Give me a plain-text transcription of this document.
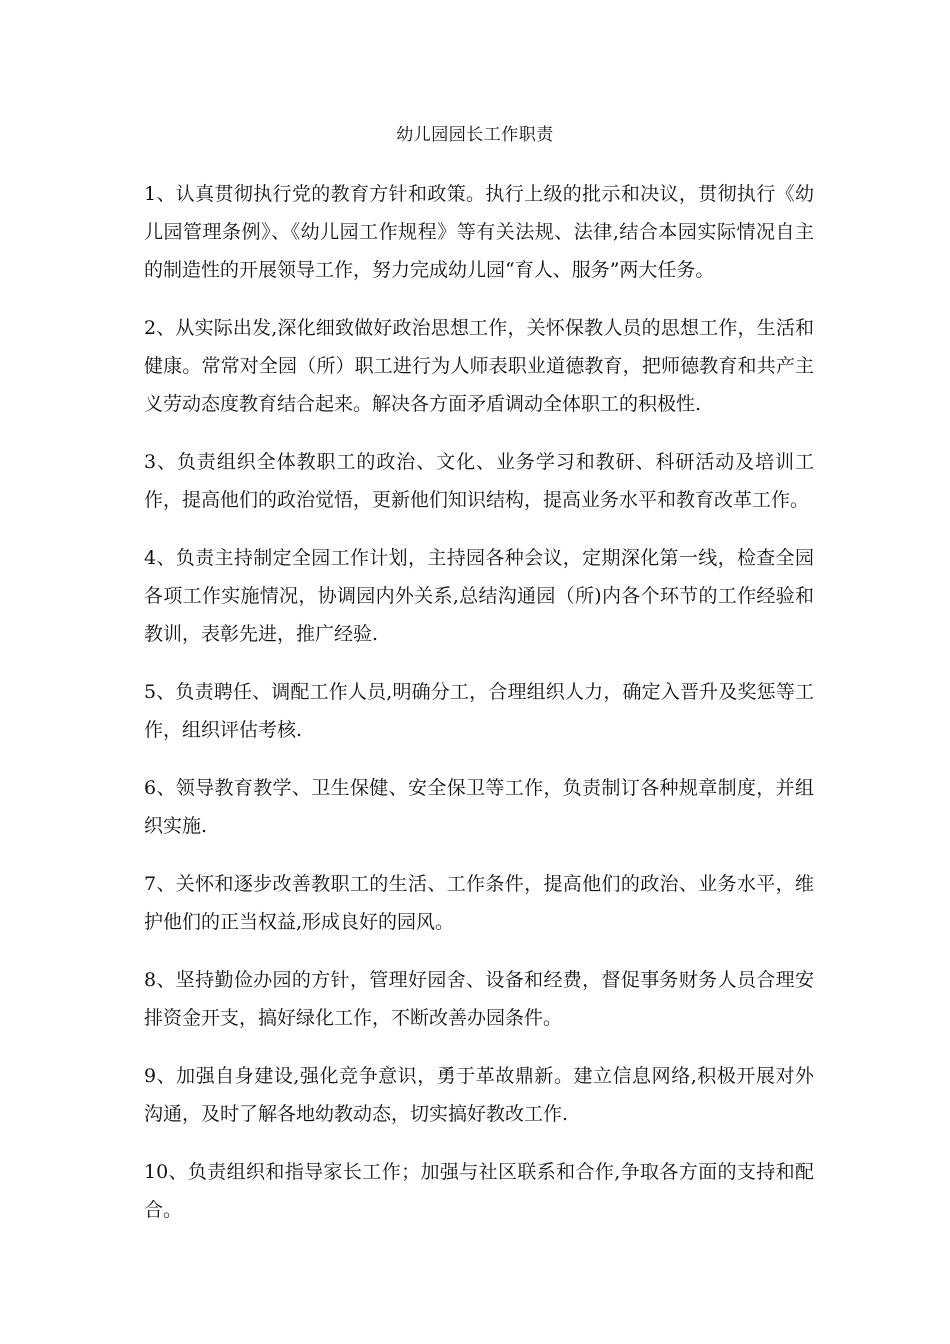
幼儿园园长工作职责

1、认真贯彻执行党的教育方针和政策。执行上级的批示和决议，贯彻执行《幼儿园管理条例》、《幼儿园工作规程》等有关法规、法律,结合本园实际情况自主的制造性的开展领导工作，努力完成幼儿园“育人、服务”两大任务。

2、从实际出发,深化细致做好政治思想工作，关怀保教人员的思想工作，生活和健康。常常对全园（所）职工进行为人师表职业道德教育，把师德教育和共产主义劳动态度教育结合起来。解决各方面矛盾调动全体职工的积极性.

3、负责组织全体教职工的政治、文化、业务学习和教研、科研活动及培训工作，提高他们的政治觉悟，更新他们知识结构，提高业务水平和教育改革工作。

4、负责主持制定全园工作计划，主持园各种会议，定期深化第一线，检查全园各项工作实施情况，协调园内外关系,总结沟通园（所)内各个环节的工作经验和教训，表彰先进，推广经验.

5、负责聘任、调配工作人员,明确分工，合理组织人力，确定入晋升及奖惩等工作，组织评估考核.

6、领导教育教学、卫生保健、安全保卫等工作，负责制订各种规章制度，并组织实施.

7、关怀和逐步改善教职工的生活、工作条件，提高他们的政治、业务水平，维护他们的正当权益,形成良好的园风。

8、坚持勤俭办园的方针，管理好园舍、设备和经费，督促事务财务人员合理安排资金开支，搞好绿化工作，不断改善办园条件。

9、加强自身建设,强化竞争意识，勇于革故鼎新。建立信息网络,积极开展对外沟通，及时了解各地幼教动态，切实搞好教改工作.

10、负责组织和指导家长工作；加强与社区联系和合作,争取各方面的支持和配合。
